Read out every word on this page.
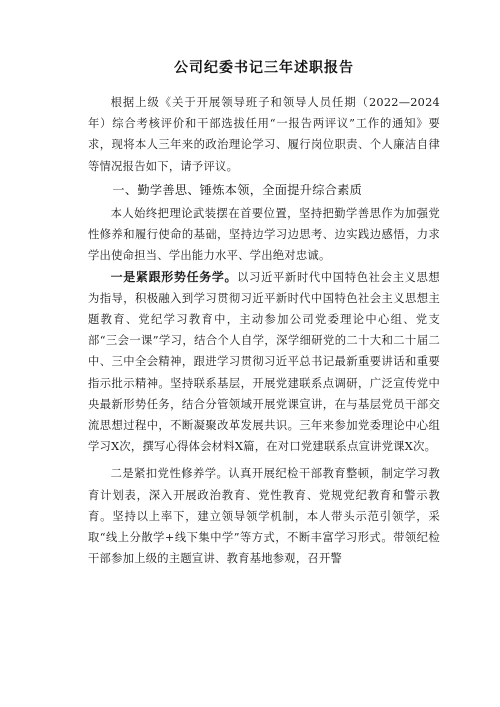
公司纪委书记三年述职报告

根据上级《关于开展领导班子和领导人员任期（2022—2024年）综合考核评价和干部选拔任用“一报告两评议”工作的通知》要求，现将本人三年来的政治理论学习、履行岗位职责、个人廉洁自律等情况报告如下，请予评议。

一、勤学善思、锤炼本领，全面提升综合素质

本人始终把理论武装摆在首要位置，坚持把勤学善思作为加强党性修养和履行使命的基础，坚持边学习边思考、边实践边感悟，力求学出使命担当、学出能力水平、学出绝对忠诚。

一是紧跟形势任务学。以习近平新时代中国特色社会主义思想为指导，积极融入到学习贯彻习近平新时代中国特色社会主义思想主题教育、党纪学习教育中，主动参加公司党委理论中心组、党支部“三会一课”学习，结合个人自学，深学细研党的二十大和二十届二中、三中全会精神，跟进学习贯彻习近平总书记最新重要讲话和重要指示批示精神。坚持联系基层，开展党建联系点调研，广泛宣传党中央最新形势任务，结合分管领域开展党课宣讲，在与基层党员干部交流思想过程中，不断凝聚改革发展共识。三年来参加党委理论中心组学习X次，撰写心得体会材料X篇，在对口党建联系点宣讲党课X次。

二是紧扣党性修养学。认真开展纪检干部教育整顿，制定学习教育计划表，深入开展政治教育、党性教育、党规党纪教育和警示教育。坚持以上率下，建立领导领学机制，本人带头示范引领学，采取“线上分散学+线下集中学”等方式，不断丰富学习形式。带领纪检干部参加上级的主题宣讲、教育基地参观，召开警
